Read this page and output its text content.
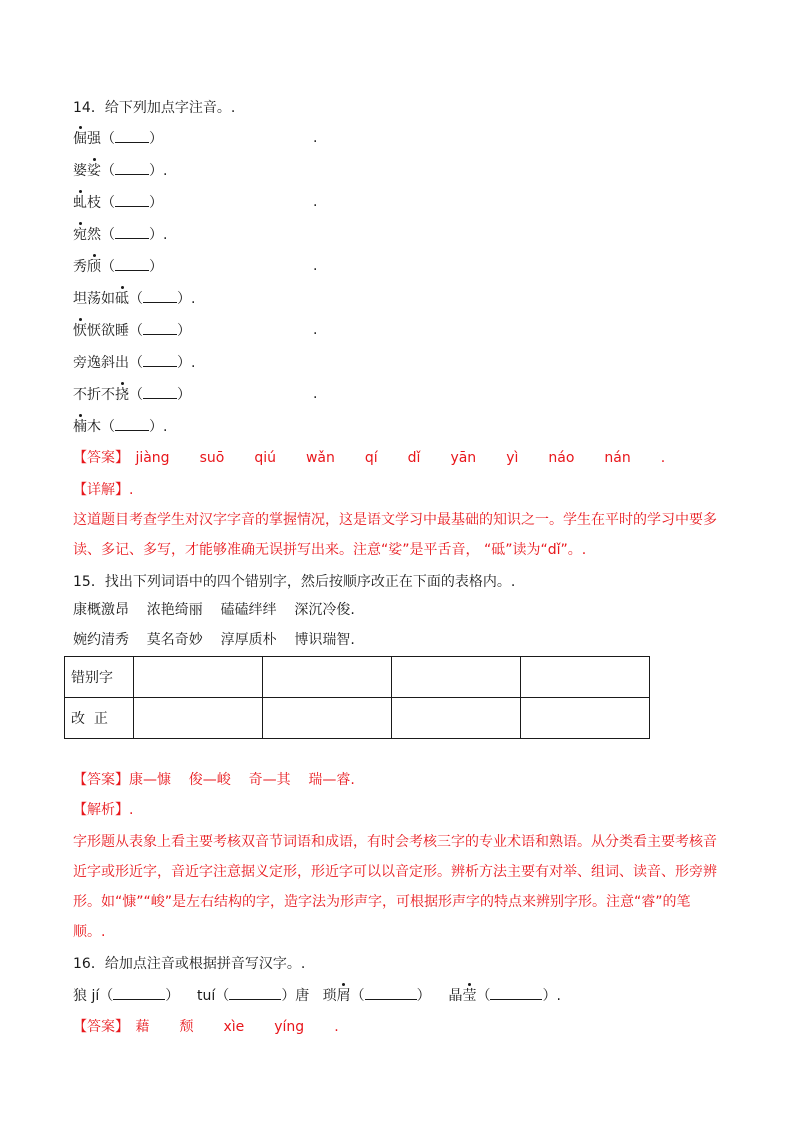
14．给下列加点字注音。.
倔强（ ）	.
婆娑（ ）.
虬枝（ ）	.
宛然（ ）.
秀颀（ ）	.
坦荡如砥（ ）.
恹恹欲睡（ ）	.
旁逸斜出（ ）.
不折不挠（ ）	.
楠木（ ）.
【答案】 jiàng suō qiú wǎn qí dǐ yān yì náo nán .
【详解】.
这道题目考查学生对汉字字音的掌握情况，这是语文学习中最基础的知识之一。学生在平时的学习中要多
读、多记、多写，才能够准确无误拼写出来。注意“娑”是平舌音， “砥”读为“dǐ”。.
15．找出下列词语中的四个错别字，然后按顺序改正在下面的表格内。.
康概激昂    浓艳绮丽    磕磕绊绊    深沉冷俊.
婉约清秀    莫名奇妙    淳厚质朴    博识瑞智.
错别字				
改  正				
【答案】康—慷    俊—峻    奇—其    瑞—睿.
【解析】.
字形题从表象上看主要考核双音节词语和成语，有时会考核三字的专业术语和熟语。从分类看主要考核音
近字或形近字，音近字注意据义定形，形近字可以以音定形。辨析方法主要有对举、组词、读音、形旁辨
形。如“慷”“峻”是左右结构的字，造字法为形声字，可根据形声字的特点来辨别字形。注意“睿”的笔
顺。.
16．给加点注音或根据拼音写汉字。.
狼 jí（	） tuí（	）唐 琐屑（	） 晶莹（	）.
【答案】 藉 颓 xìe yíng .
